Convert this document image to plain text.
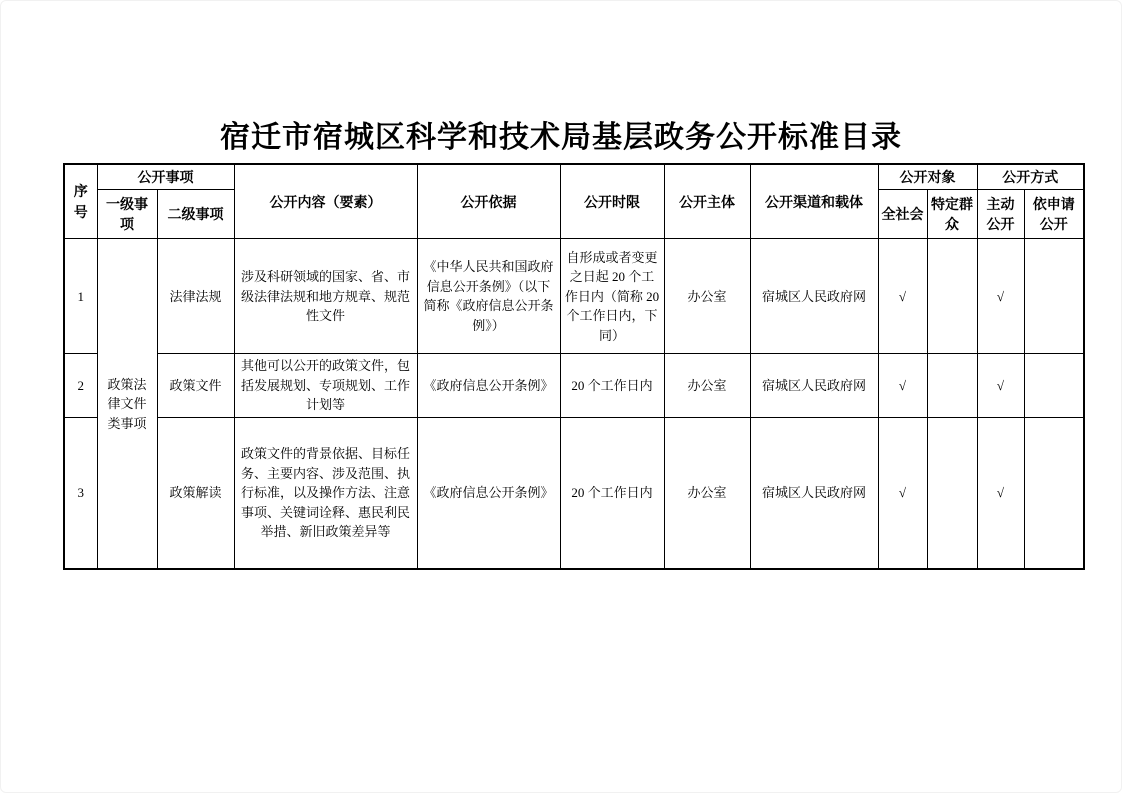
宿迁市宿城区科学和技术局基层政务公开标准目录
序号	公开事项		公开内容（要素）	公开依据	公开时限	公开主体	公开渠道和载体	公开对象		公开方式	
	一级事项	二级事项						全社会	特定群众	主动公开	依申请公开
1	政策法律文件类事项	法律法规	涉及科研领域的国家、省、市级法律法规和地方规章、规范性文件	《中华人民共和国政府信息公开条例》（以下简称《政府信息公开条例》）	自形成或者变更之日起 20 个工作日内（简称 20 个工作日内，下同）	办公室	宿城区人民政府网	√		√	
2		政策文件	其他可以公开的政策文件，包括发展规划、专项规划、工作计划等	《政府信息公开条例》	20 个工作日内	办公室	宿城区人民政府网	√		√	
3		政策解读	政策文件的背景依据、目标任务、主要内容、涉及范围、执行标准，以及操作方法、注意事项、关键词诠释、惠民利民举措、新旧政策差异等	《政府信息公开条例》	20 个工作日内	办公室	宿城区人民政府网	√		√	
